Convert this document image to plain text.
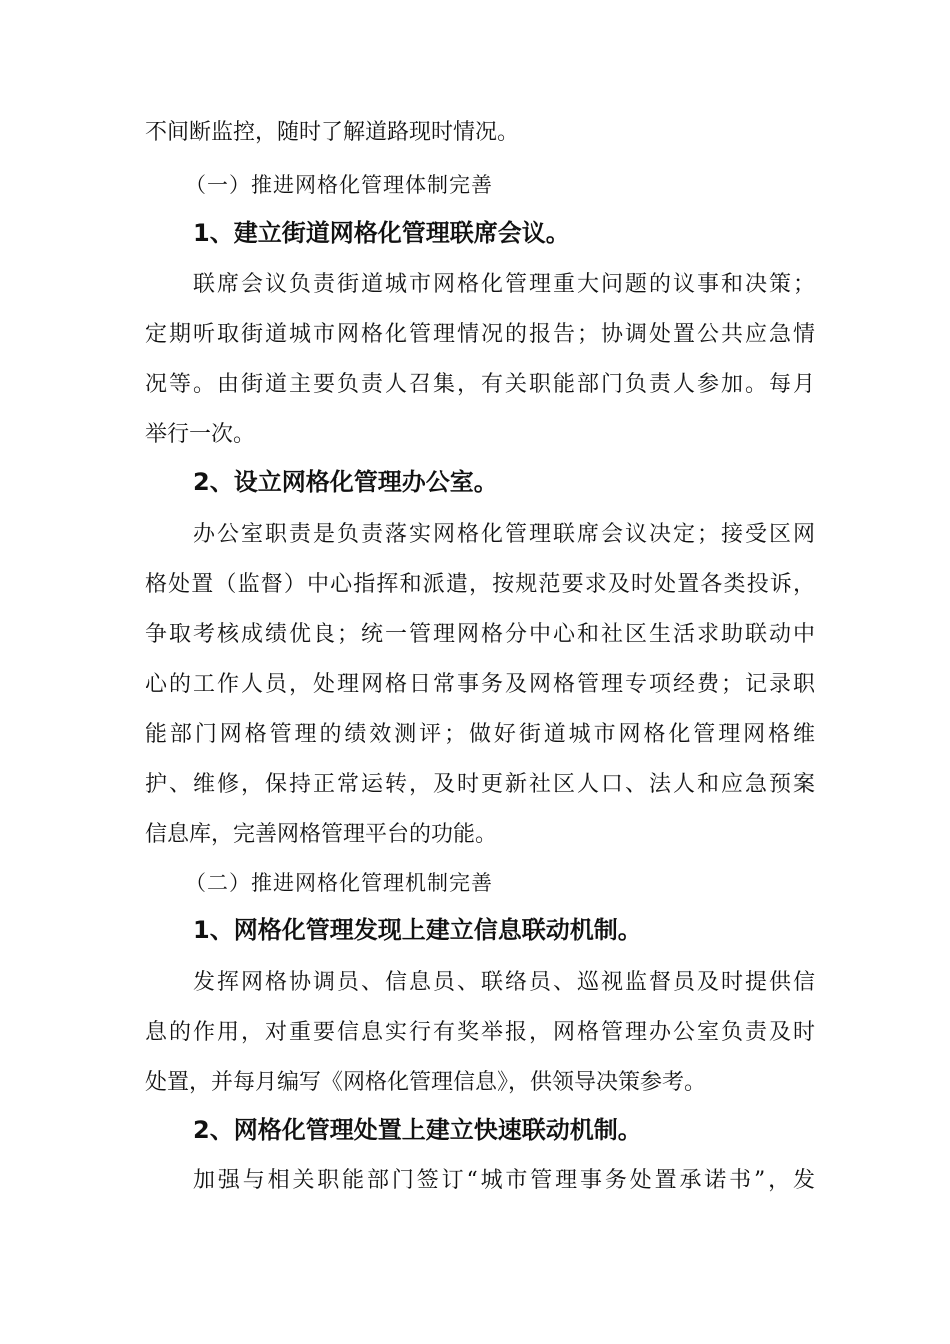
不间断监控，随时了解道路现时情况。
（一）推进网格化管理体制完善
1、建立街道网格化管理联席会议。
联席会议负责街道城市网格化管理重大问题的议事和决策；
定期听取街道城市网格化管理情况的报告；协调处置公共应急情
况等。由街道主要负责人召集，有关职能部门负责人参加。每月
举行一次。
2、设立网格化管理办公室。
办公室职责是负责落实网格化管理联席会议决定；接受区网
格处置（监督）中心指挥和派遣，按规范要求及时处置各类投诉，
争取考核成绩优良；统一管理网格分中心和社区生活求助联动中
心的工作人员，处理网格日常事务及网格管理专项经费；记录职
能部门网格管理的绩效测评；做好街道城市网格化管理网格维
护、维修，保持正常运转，及时更新社区人口、法人和应急预案
信息库，完善网格管理平台的功能。
（二）推进网格化管理机制完善
1、网格化管理发现上建立信息联动机制。
发挥网格协调员、信息员、联络员、巡视监督员及时提供信
息的作用，对重要信息实行有奖举报，网格管理办公室负责及时
处置，并每月编写《网格化管理信息》，供领导决策参考。
2、网格化管理处置上建立快速联动机制。
加强与相关职能部门签订“城市管理事务处置承诺书”，发
